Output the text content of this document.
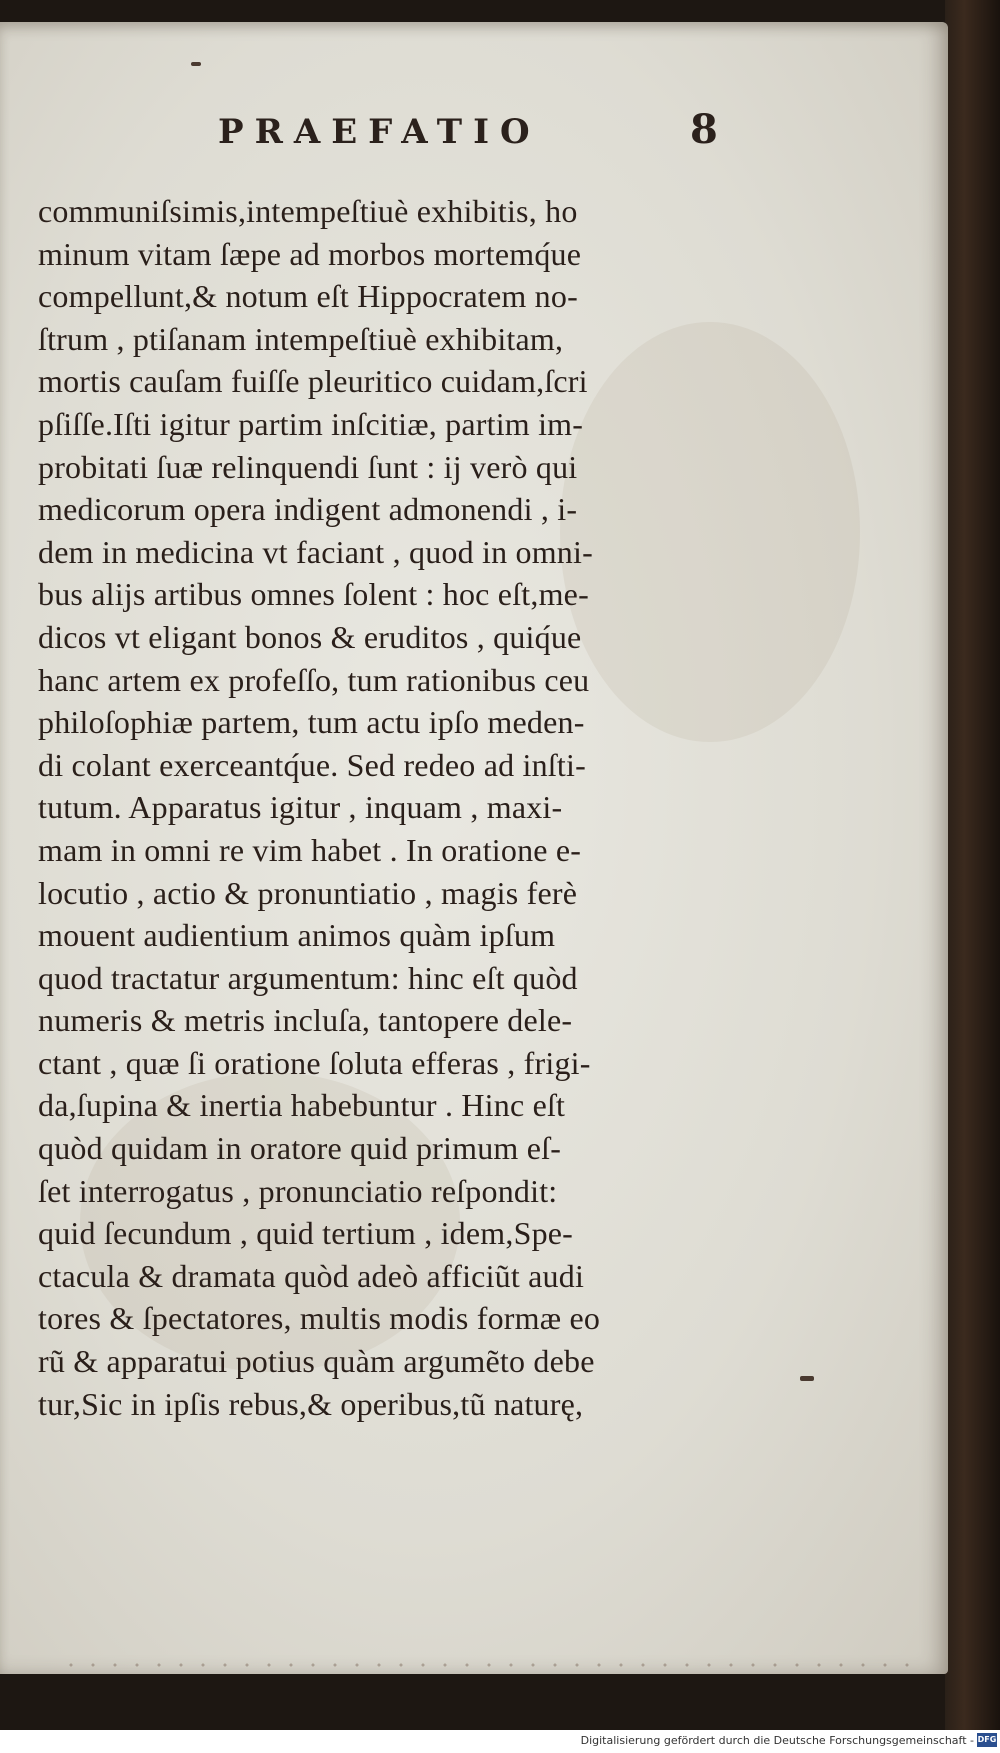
PRAEFATIO	8
communiſsimis,intempeſtiuè exhibitis, ho
minum vitam ſæpe ad morbos mortemq́ue
compellunt,& notum eſt Hippocratem no-
ſtrum , ptiſanam intempeſtiuè exhibitam,
mortis cauſam fuiſſe pleuritico cuidam,ſcri
pſiſſe.Iſti igitur partim inſcitiæ, partim im-
probitati ſuæ relinquendi ſunt : ij verò qui
medicorum opera indigent admonendi , i-
dem in medicina vt faciant , quod in omni-
bus alijs artibus omnes ſolent : hoc eſt,me-
dicos vt eligant bonos & eruditos , quiq́ue
hanc artem ex profeſſo, tum rationibus ceu
philoſophiæ partem, tum actu ipſo meden-
di colant exerceantq́ue. Sed redeo ad inſti-
tutum. Apparatus igitur , inquam , maxi-
mam in omni re vim habet . In oratione e-
locutio , actio & pronuntiatio , magis ferè
mouent audientium animos quàm ipſum
quod tractatur argumentum: hinc eſt quòd
numeris & metris incluſa, tantopere dele-
ctant , quæ ſi oratione ſoluta efferas , frigi-
da,ſupina & inertia habebuntur . Hinc eſt
quòd quidam in oratore quid primum eſ-
ſet interrogatus , pronunciatio reſpondit:
quid ſecundum , quid tertium , idem,Spe-
ctacula & dramata quòd adeò afficiũt audi
tores & ſpectatores, multis modis formæ eo
rũ & apparatui potius quàm argumẽto debe
tur,Sic in ipſis rebus,& operibus,tũ naturę,
Digitalisierung gefördert durch die Deutsche Forschungsgemeinschaft - DFG
